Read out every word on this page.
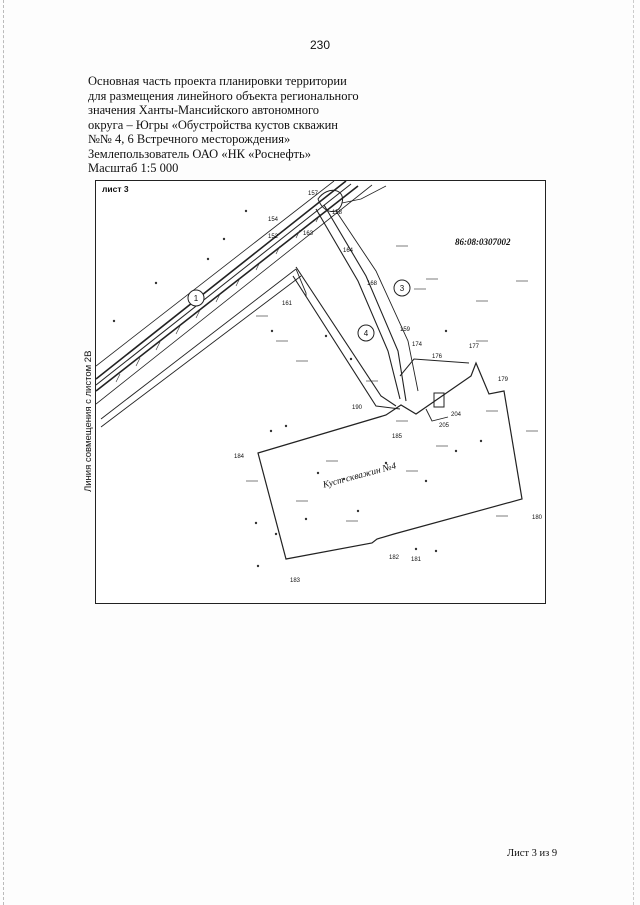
230
Основная часть проекта планировки территории
для размещения линейного объекта регионального
значения Ханты-Мансийского автономного
округа – Югры «Обустройства кустов скважин
№№ 4, 6 Встречного месторождения»
Землепользователь ОАО «НК «Роснефть»
Масштаб 1:5 000
Линия совмещения с листом 2В
157
158
154
152	163
164
168
159
174
176
177
179
161
190
185
204
205
184
180
182 181
183
1
3
4
лист 3
86:08:0307002
Куст скважин №4
Лист 3 из 9
